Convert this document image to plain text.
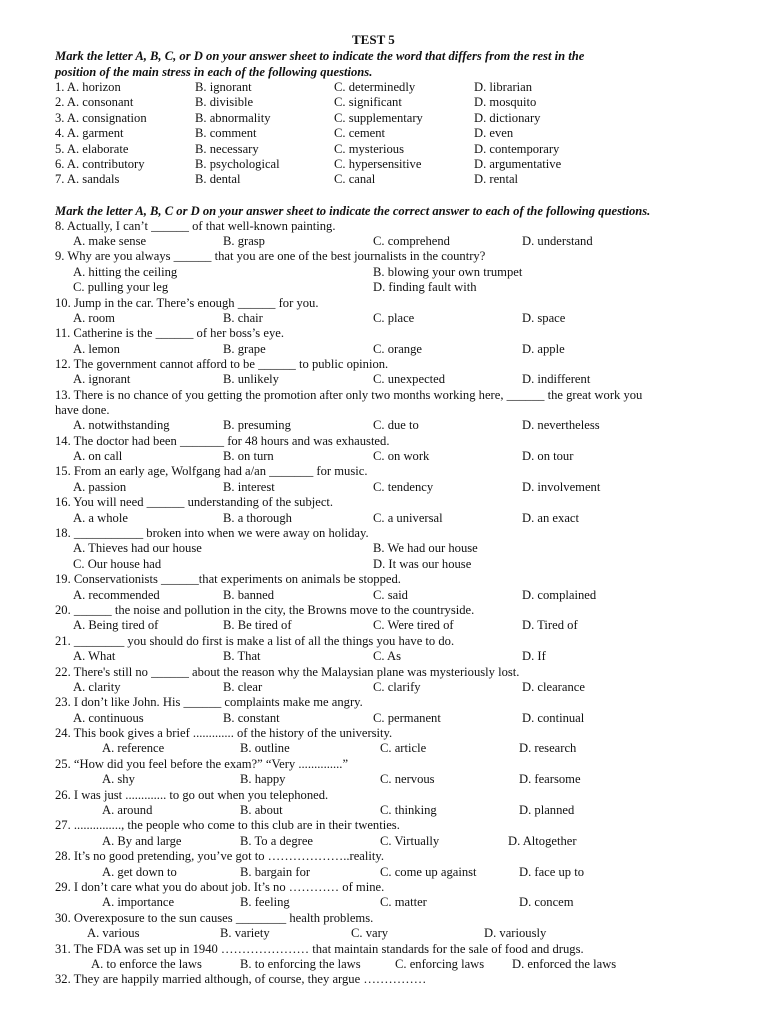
TEST 5
Mark the letter A, B, C, or D on your answer sheet to indicate the word that differs from the rest in the
position of the main stress in each of the following questions.
1. A. horizon	B. ignorant	C. determinedly	D. librarian
2. A. consonant	B. divisible	C. significant	D. mosquito
3. A. consignation	B. abnormality	C. supplementary	D. dictionary
4. A. garment	B. comment	C. cement	D. even
5. A. elaborate	B. necessary	C. mysterious	D. contemporary
6. A. contributory	B. psychological	C. hypersensitive	D. argumentative
7. A. sandals	B. dental	C. canal	D. rental
Mark the letter A, B, C or D on your answer sheet to indicate the correct answer to each of the following questions.
8. Actually, I can’t ______ of that well-known painting.
A. make sense	B. grasp	C. comprehend	D. understand
9. Why are you always ______ that you are one of the best journalists in the country?
A. hitting the ceiling	B. blowing your own trumpet
C. pulling your leg	D. finding fault with
10. Jump in the car. There’s enough ______ for you.
A. room	B. chair	C. place	D. space
11. Catherine is the ______ of her boss’s eye.
A. lemon	B. grape	C. orange	D. apple
12. The government cannot afford to be ______ to public opinion.
A. ignorant	B. unlikely	C. unexpected	D. indifferent
13. There is no chance of you getting the promotion after only two months working here, ______ the great work you
have done.
A. notwithstanding	B. presuming	C. due to	D. nevertheless
14. The doctor had been _______ for 48 hours and was exhausted.
A. on call	B. on turn	C. on work	D. on tour
15. From an early age, Wolfgang had a/an _______ for music.
A. passion	B. interest	C. tendency	D. involvement
16. You will need ______ understanding of the subject.
A. a whole	B. a thorough	C. a universal	D. an exact
18. ___________ broken into when we were away on holiday.
A. Thieves had our house	B. We had our house
C. Our house had	D. It was our house
19. Conservationists ______that experiments on animals be stopped.
A. recommended	B. banned	C. said	D. complained
20. ______ the noise and pollution in the city, the Browns move to the countryside.
A. Being tired of	B. Be tired of	C. Were tired of	D. Tired of
21. ________ you should do first is make a list of all the things you have to do.
A. What	B. That	C. As	D. If
22. There's still no ______ about the reason why the Malaysian plane was mysteriously lost.
A. clarity	B. clear	C. clarify	D. clearance
23. I don’t like John. His ______ complaints make me angry.
A. continuous	B. constant	C. permanent	D. continual
24. This book gives a brief ............. of the history of the university.
A. reference	B. outline	C. article	D. research
25. “How did you feel before the exam?” “Very ..............”
A. shy	B. happy	C. nervous	D. fearsome
26. I was just ............. to go out when you telephoned.
A. around	B. about	C. thinking	D. planned
27. ..............., the people who come to this club are in their twenties.
A. By and large	B. To a degree	C. Virtually	D. Altogether
28. It’s no good pretending, you’ve got to ………………..reality.
A. get down to	B. bargain for	C. come up against	D. face up to
29. I don’t care what you do about job. It’s no ………… of mine.
A. importance	B. feeling	C. matter	D. concem
30. Overexposure to the sun causes ________ health problems.
A. various	B. variety	C. vary	D. variously
31. The FDA was set up in 1940 ………………… that maintain standards for the sale of food and drugs.
A. to enforce the laws	B. to enforcing the laws	C. enforcing laws D. enforced the laws
32. They are happily married although, of course, they argue ……………
